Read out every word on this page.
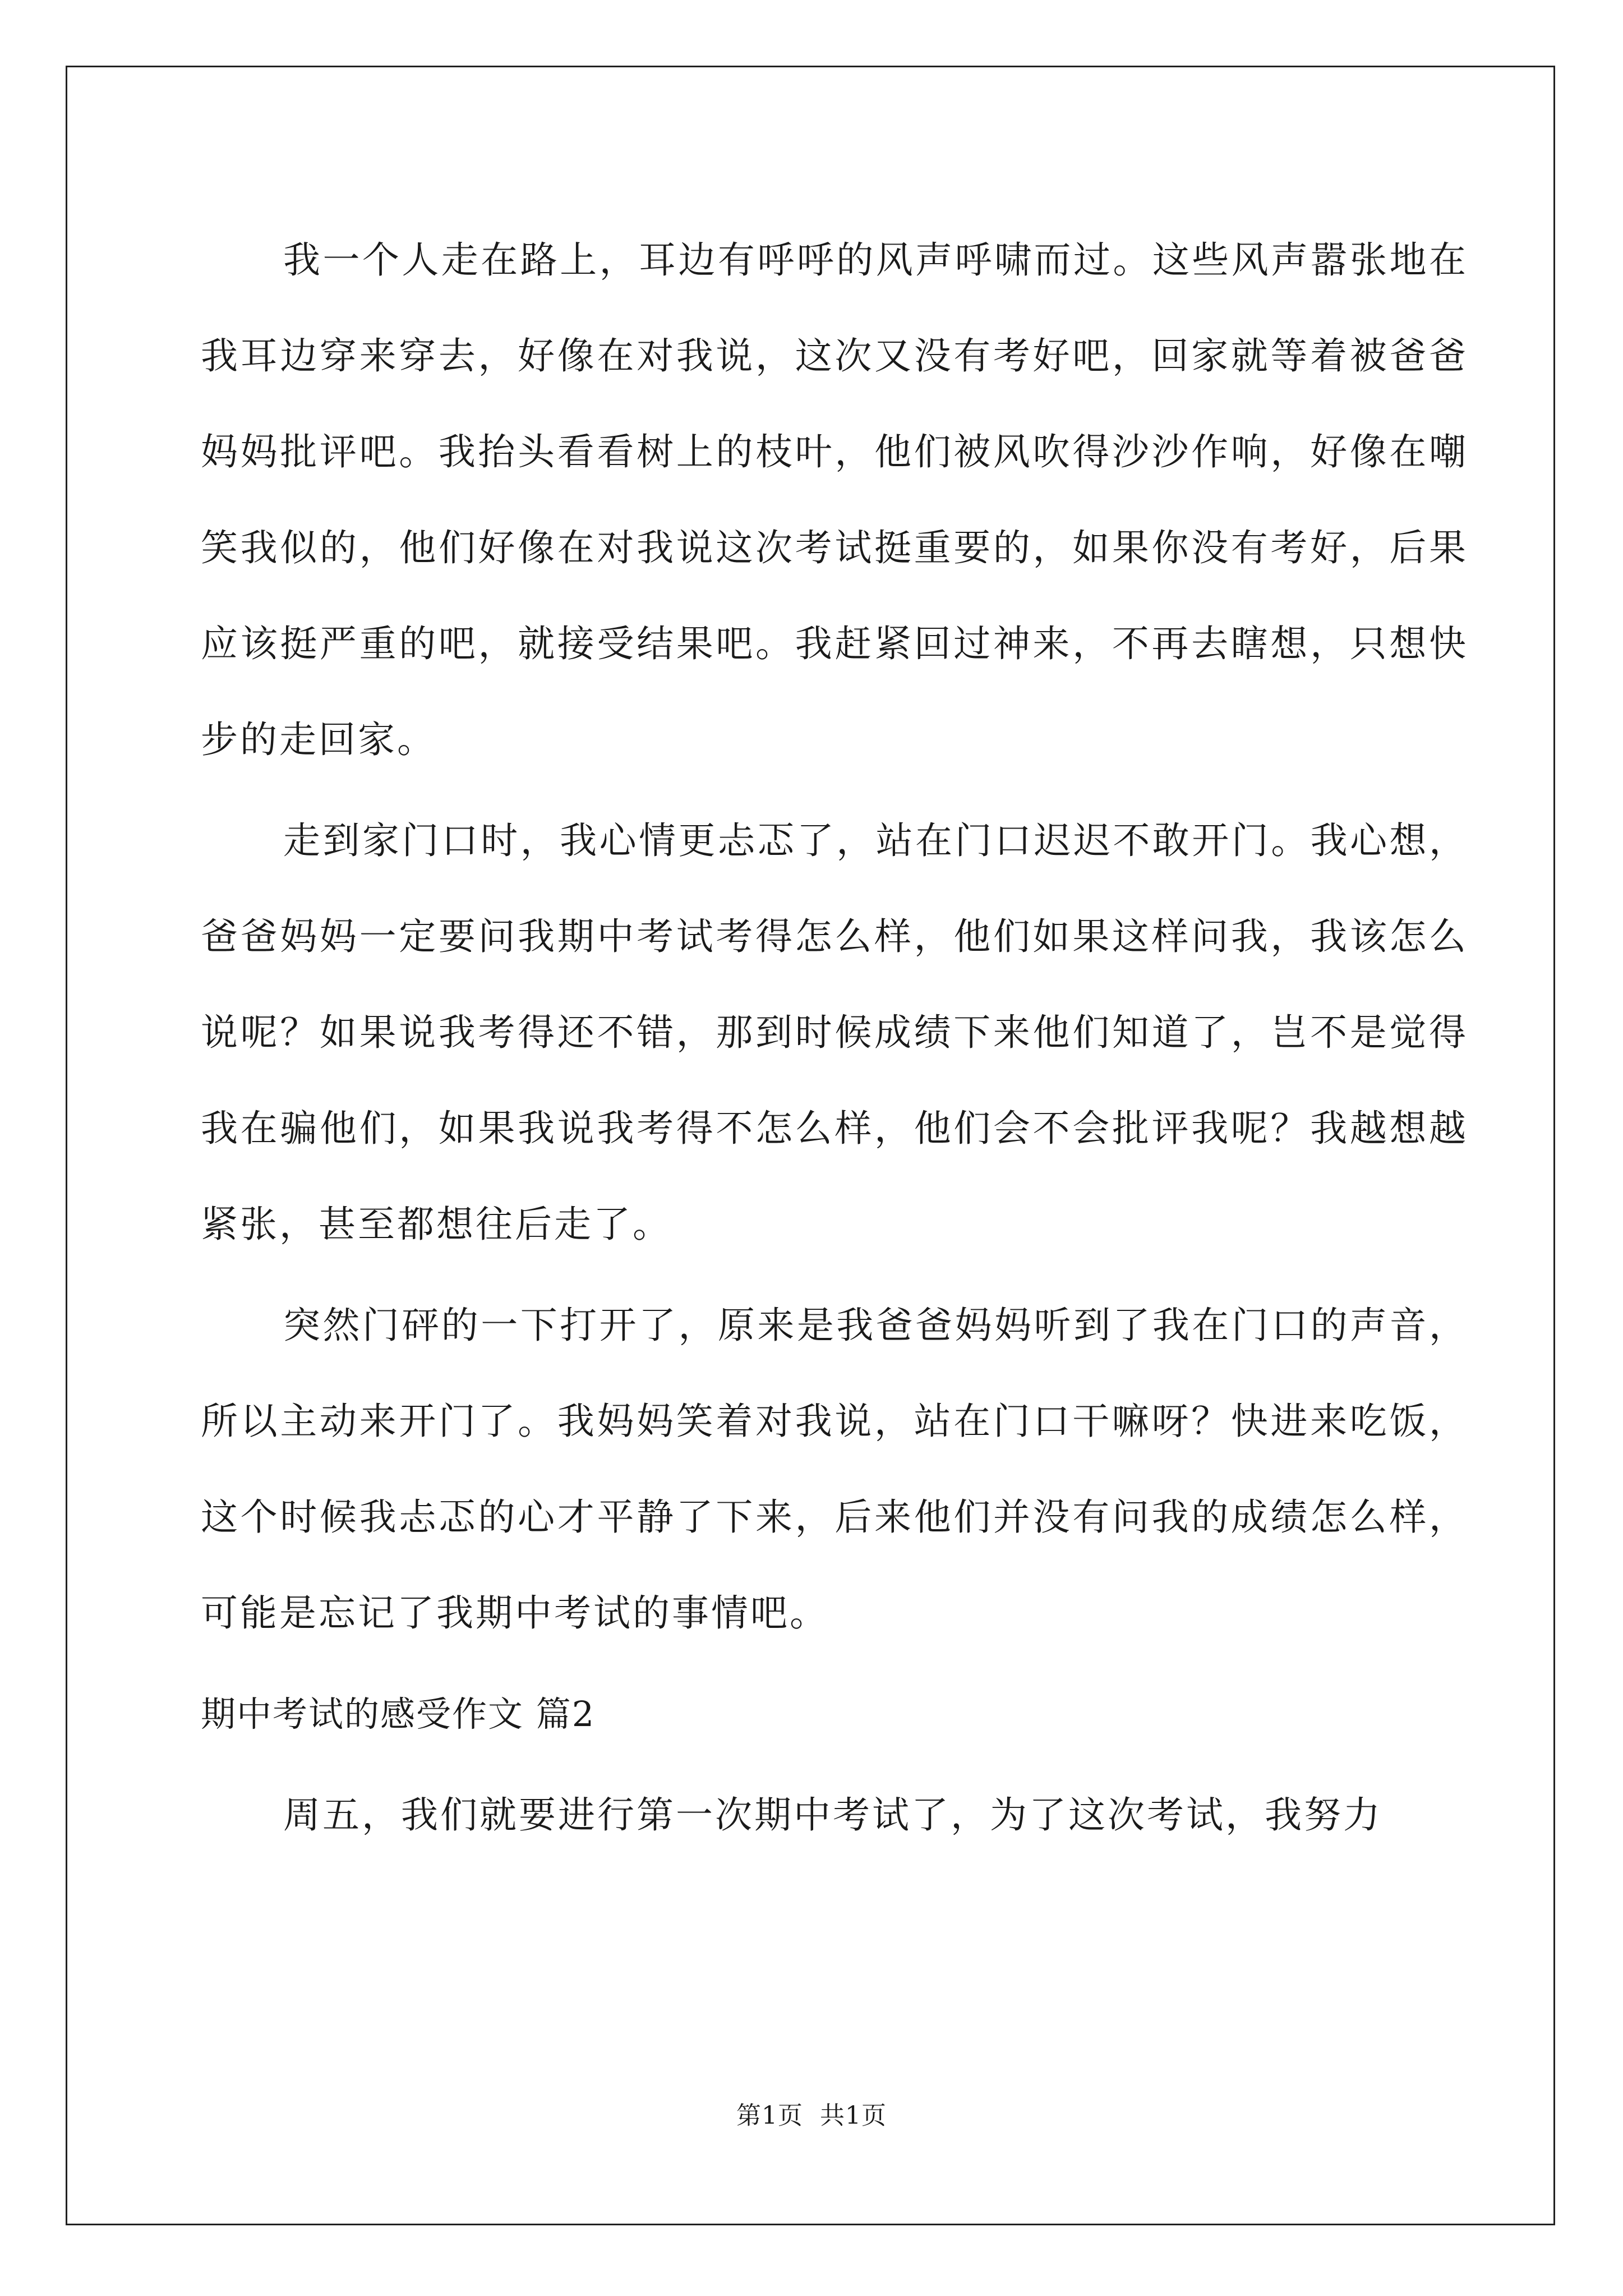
我一个人走在路上，耳边有呼呼的风声呼啸而过。这些风声嚣张地在我耳边穿来穿去，好像在对我说，这次又没有考好吧，回家就等着被爸爸妈妈批评吧。我抬头看看树上的枝叶，他们被风吹得沙沙作响，好像在嘲笑我似的，他们好像在对我说这次考试挺重要的，如果你没有考好，后果应该挺严重的吧，就接受结果吧。我赶紧回过神来，不再去瞎想，只想快步的走回家。

走到家门口时，我心情更忐忑了，站在门口迟迟不敢开门。我心想，爸爸妈妈一定要问我期中考试考得怎么样，他们如果这样问我，我该怎么说呢？如果说我考得还不错，那到时候成绩下来他们知道了，岂不是觉得我在骗他们，如果我说我考得不怎么样，他们会不会批评我呢？我越想越紧张，甚至都想往后走了。

突然门砰的一下打开了，原来是我爸爸妈妈听到了我在门口的声音，所以主动来开门了。我妈妈笑着对我说，站在门口干嘛呀？快进来吃饭，这个时候我忐忑的心才平静了下来，后来他们并没有问我的成绩怎么样，可能是忘记了我期中考试的事情吧。

期中考试的感受作文 篇2

周五，我们就要进行第一次期中考试了，为了这次考试，我努力

第1页 共1页
